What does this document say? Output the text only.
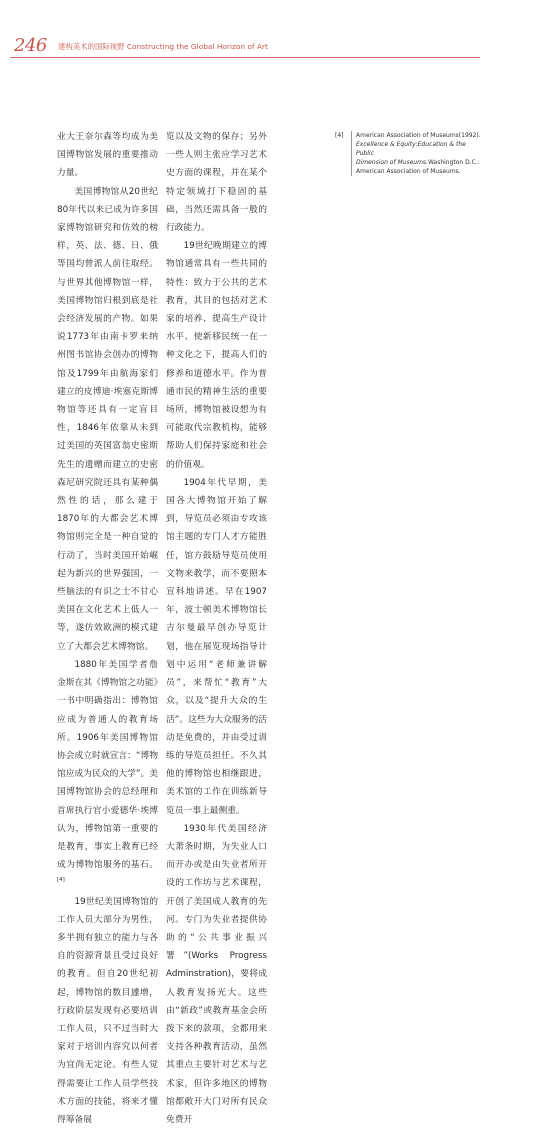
246 建构美术的国际视野 Constructing the Global Horizon of Art

业大王奈尔森等均成为美国博物馆发展的重要推动力量。

美国博物馆从20世纪80年代以来已成为许多国家博物馆研究和仿效的榜样，英、法、德、日、俄等国均曾派人前往取经。与世界其他博物馆一样，美国博物馆归根到底是社会经济发展的产物。如果说1773年由南卡罗来纳州图书馆协会创办的博物馆及1799年由航海家们建立的皮博迪·埃塞克斯博物馆等还具有一定盲目性，1846年依靠从未到过美国的英国富翁史密斯先生的遗赠而建立的史密森尼研究院还具有某种偶然性的话，那么建于1870年的大都会艺术博物馆则完全是一种自觉的行动了，当时美国开始崛起为新兴的世界强国，一些脑法的有识之士不甘心美国在文化艺术上低人一等，遂仿效欧洲的模式建立了大都会艺术博物馆。

1880年美国学者詹金斯在其《博物馆之功能》一书中明确指出：博物馆应成为普通人的教育场所。1906年美国博物馆协会成立时就宣言：“博物馆应成为民众的大学”。美国博物馆协会的总经理和首席执行官小爱德华·埃博认为，博物馆第一重要的是教育，事实上教育已经成为博物馆服务的基石。[4]

19世纪美国博物馆的工作人员大部分为男性，多半拥有独立的能力与各自的资源背景且受过良好的教育。但自20世纪初起，博物馆的数目遽增，行政阶层发现有必要培训工作人员，只不过当时大家对于培训内容究以何者为宜尚无定论。有些人觉得需要让工作人员学些技术方面的技能，将来才懂得筹备展

览以及文物的保存；另外一些人则主张应学习艺术史方面的课程，并在某个特定领域打下稳固的基础，当然还需具备一般的行政能力。

19世纪晚期建立的博物馆通常具有一些共同的特性：致力于公共的艺术教育，其目的包括对艺术家的培养、提高生产设计水平、使新移民统一在一种文化之下，提高人们的修养和道德水平。作为普通市民的精神生活的重要场所，博物馆被设想为有可能取代宗教机构，能够帮助人们保持家庭和社会的价值观。

1904年代早期，美国各大博物馆开始了解到，导览员必须由专攻该馆主题的专门人才方能胜任，馆方鼓励导览员使用文物来教学，而不要照本宣科地讲述。早在1907年，波士顿美术博物馆长吉尔曼最早创办导览计划，他在展览现场指导计划中运用“老师兼讲解员”，来帮忙“教育”大众，以及“提升大众的生活”。这些为大众服务的活动是免费的，并由受过训练的导览员担任。不久其他的博物馆也相继跟进，美术馆的工作在训练新导览员一事上最侧重。

1930年代美国经济大萧条时期，为失业人口而开办或是由失业者所开设的工作坊与艺术课程，开创了美国成人教育的先河。专门为失业者提供协助的“公共事业振兴署”(Works Progress Adminstration)，要将成人教育发扬光大。这些由“新政”或教育基金会所拨下来的款项，全都用来支持各种教育活动，虽然其重点主要针对艺术与艺术家，但许多地区的博物馆都敞开大门对所有民众免费开

[4]	American Association of Museums(1992).

Excellence & Equity:Education & the Public

Dimension of Museums.Washington D.C.:

American Association of Museums.
